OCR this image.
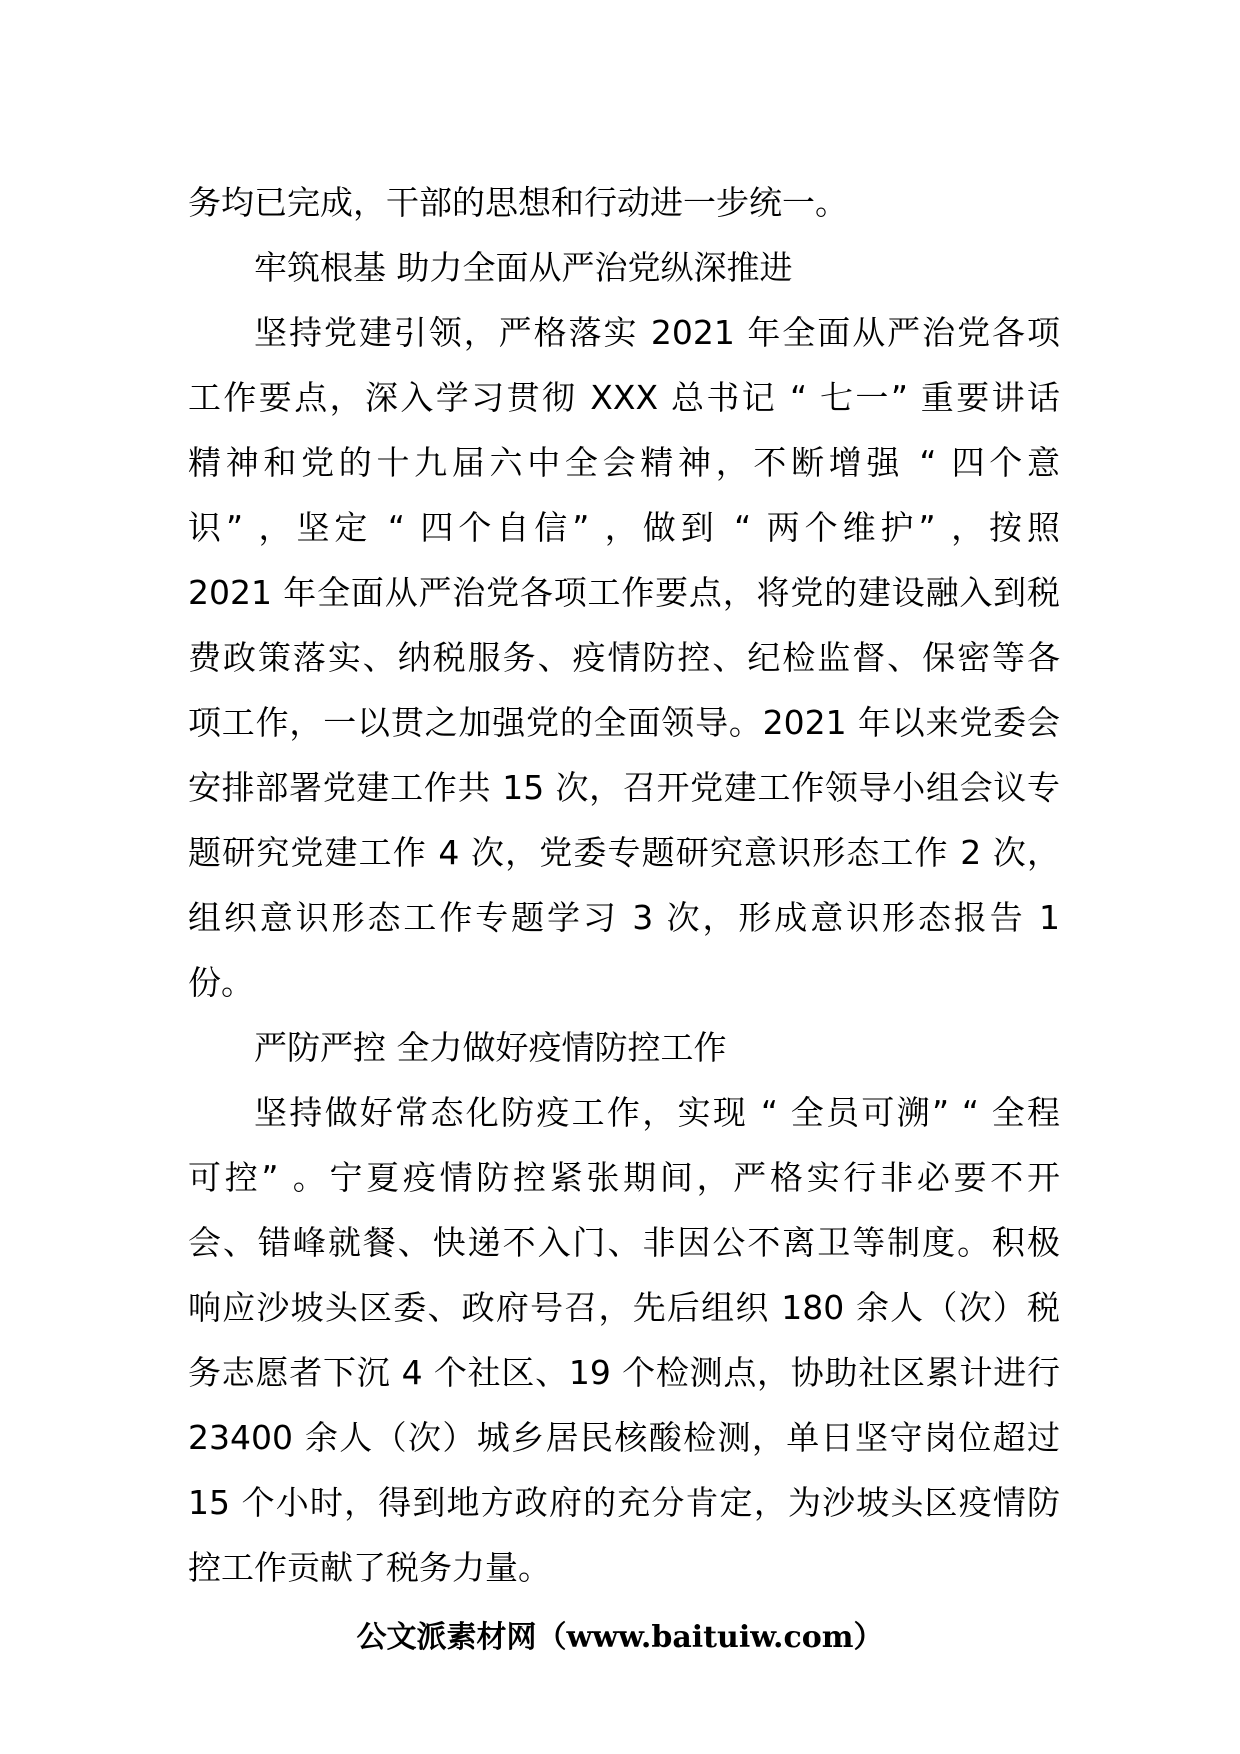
务均已完成，干部的思想和行动进一步统一。
牢筑根基 助力全面从严治党纵深推进
坚持党建引领，严格落实 2021 年全面从严治党各项
工作要点，深入学习贯彻 XXX 总书记 “ 七一” 重要讲话
精神和党的十九届六中全会精神，不断增强 “ 四个意
识” ，坚定 “ 四个自信” ，做到 “ 两个维护” ，按照
2021 年全面从严治党各项工作要点，将党的建设融入到税
费政策落实、纳税服务、疫情防控、纪检监督、保密等各
项工作，一以贯之加强党的全面领导。2021 年以来党委会
安排部署党建工作共 15 次，召开党建工作领导小组会议专
题研究党建工作 4 次，党委专题研究意识形态工作 2 次，
组织意识形态工作专题学习 3 次，形成意识形态报告 1
份。
严防严控 全力做好疫情防控工作
坚持做好常态化防疫工作，实现 “ 全员可溯” “ 全程
可控” 。宁夏疫情防控紧张期间，严格实行非必要不开
会、错峰就餐、快递不入门、非因公不离卫等制度。积极
响应沙坡头区委、政府号召，先后组织 180 余人（次）税
务志愿者下沉 4 个社区、19 个检测点，协助社区累计进行
23400 余人（次）城乡居民核酸检测，单日坚守岗位超过
15 个小时，得到地方政府的充分肯定，为沙坡头区疫情防
控工作贡献了税务力量。
公文派素材网（www.baituiw.com）
